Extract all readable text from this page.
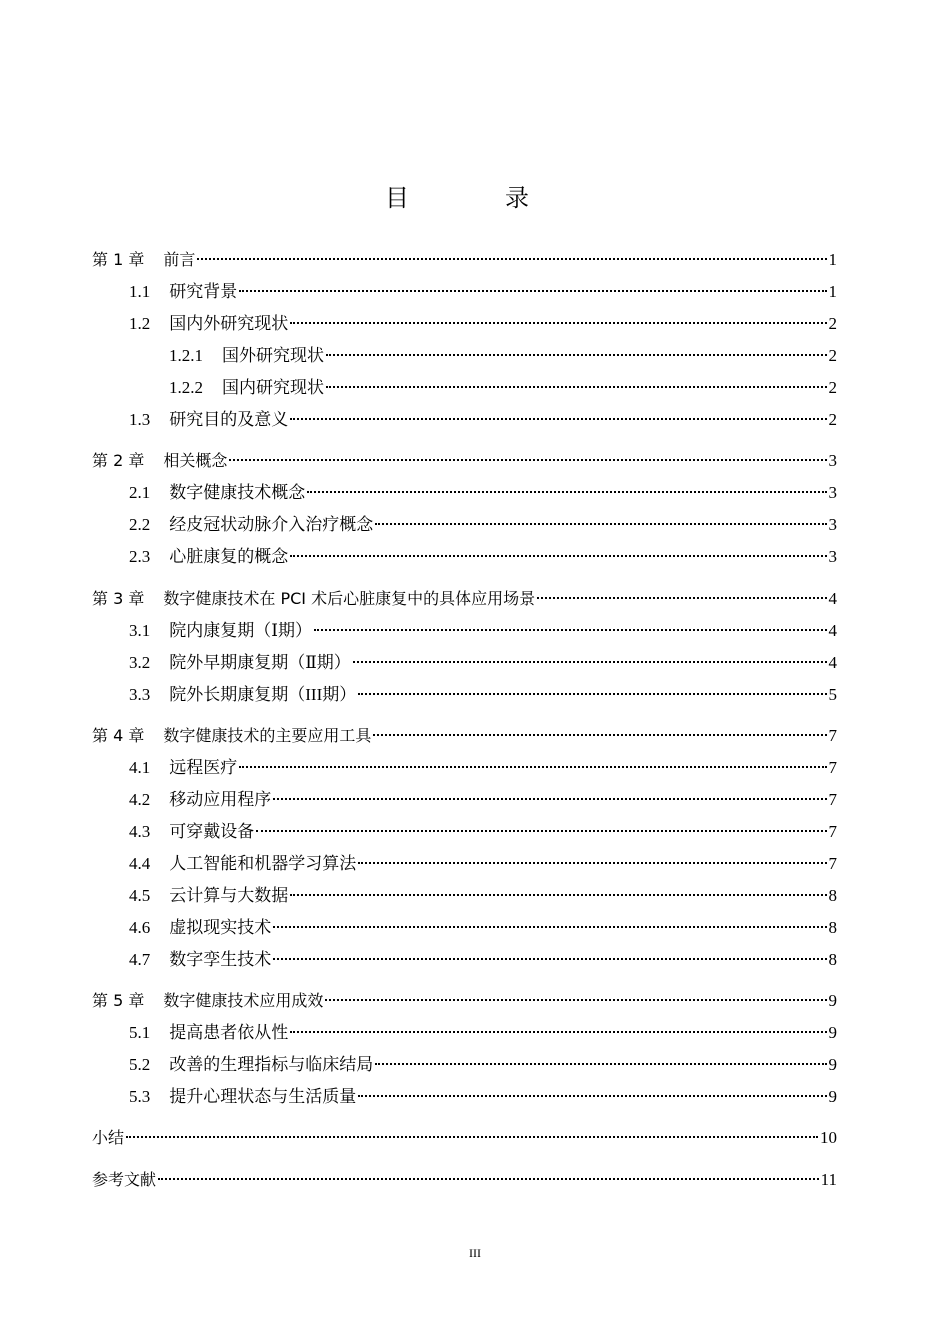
目　录
第 1 章 前言	1
1.1 研究背景	1
1.2 国内外研究现状	2
1.2.1 国外研究现状	2
1.2.2 国内研究现状	2
1.3 研究目的及意义	2
第 2 章 相关概念	3
2.1 数字健康技术概念	3
2.2 经皮冠状动脉介入治疗概念	3
2.3 心脏康复的概念	3
第 3 章 数字健康技术在 PCI 术后心脏康复中的具体应用场景	4
3.1 院内康复期（Ⅰ期）	4
3.2 院外早期康复期（Ⅱ期）	4
3.3 院外长期康复期（III期）	5
第 4 章 数字健康技术的主要应用工具	7
4.1 远程医疗	7
4.2 移动应用程序	7
4.3 可穿戴设备	7
4.4 人工智能和机器学习算法	7
4.5 云计算与大数据	8
4.6 虚拟现实技术	8
4.7 数字孪生技术	8
第 5 章 数字健康技术应用成效	9
5.1 提高患者依从性	9
5.2 改善的生理指标与临床结局	9
5.3 提升心理状态与生活质量	9
小结	10
参考文献	11
III
